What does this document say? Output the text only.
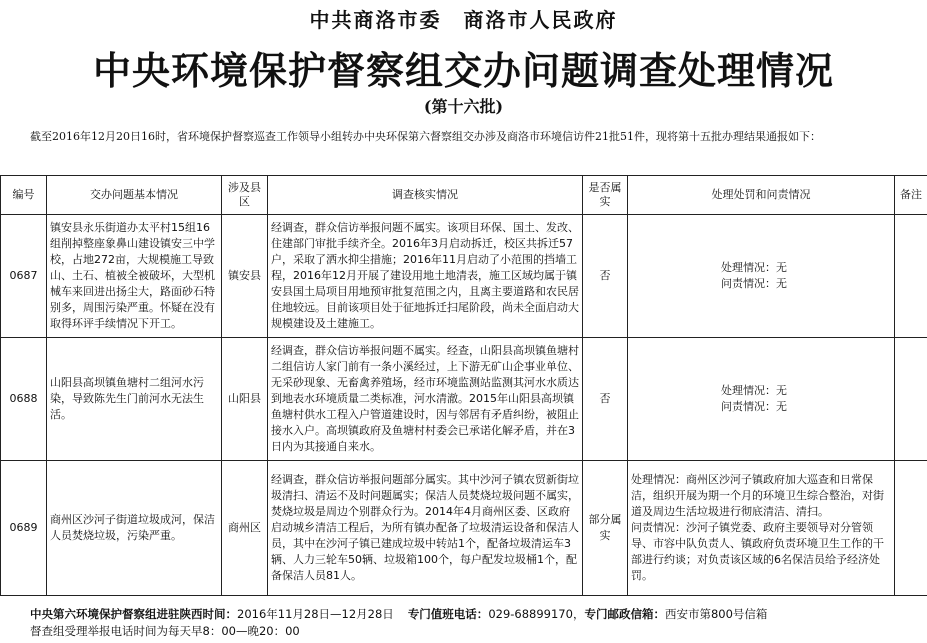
中共商洛市委　商洛市人民政府
中央环境保护督察组交办问题调查处理情况
(第十六批)
截至2016年12月20日16时，省环境保护督察巡查工作领导小组转办中央环保第六督察组交办涉及商洛市环境信访件21批51件，现将第十五批办理结果通报如下：
编号	交办问题基本情况	涉及县区	调查核实情况	是否属实	处理处罚和问责情况	备注
0687	镇安县永乐街道办太平村15组16组削掉整座象鼻山建设镇安三中学校，占地272亩，大规模施工导致山、土石、植被全被破坏，大型机械车来回进出扬尘大，路面砂石特别多，周围污染严重。怀疑在没有取得环评手续情况下开工。	镇安县	经调查，群众信访举报问题不属实。该项目环保、国土、发改、住建部门审批手续齐全。2016年3月启动拆迁，校区共拆迁57户，采取了洒水抑尘措施；2016年11月启动了小范围的挡墙工程，2016年12月开展了建设用地土地清表，施工区域均属于镇安县国土局项目用地预审批复范围之内，且离主要道路和农民居住地较远。目前该项目处于征地拆迁扫尾阶段，尚未全面启动大规模建设及土建施工。	否	处理情况：无
问责情况：无	

0688	山阳县高坝镇鱼塘村二组河水污染，导致陈先生门前河水无法生活。	山阳县	经调查，群众信访举报问题不属实。经查，山阳县高坝镇鱼塘村二组信访人家门前有一条小溪经过，上下游无矿山企事业单位、无采砂现象、无畜禽养殖场，经市环境监测站监测其河水水质达到地表水环境质量二类标准，河水清澈。2015年山阳县高坝镇鱼塘村供水工程入户管道建设时，因与邻居有矛盾纠纷，被阻止接水入户。高坝镇政府及鱼塘村村委会已承诺化解矛盾，并在3日内为其接通自来水。	否	处理情况：无
问责情况：无	

0689	商州区沙河子街道垃圾成河，保洁人员焚烧垃圾，污染严重。	商州区	经调查，群众信访举报问题部分属实。其中沙河子镇农贸新街垃圾清扫、清运不及时问题属实；保洁人员焚烧垃圾问题不属实，焚烧垃圾是周边个别群众行为。2014年4月商州区委、区政府启动城乡清洁工程后，为所有镇办配备了垃圾清运设备和保洁人员，其中在沙河子镇已建成垃圾中转站1个，配备垃圾清运车3辆、人力三轮车50辆、垃圾箱100个，每户配发垃圾桶1个，配备保洁人员81人。	部分属实	处理情况：商州区沙河子镇政府加大巡查和日常保洁，组织开展为期一个月的环境卫生综合整治，对街道及周边生活垃圾进行彻底清洁、清扫。
问责情况：沙河子镇党委、政府主要领导对分管领导、市容中队负责人、镇政府负责环境卫生工作的干部进行约谈；对负责该区域的6名保洁员给予经济处罚。	

中央第六环境保护督察组进驻陕西时间：2016年11月28日—12月28日 专门值班电话：029-68899170，专门邮政信箱：西安市第800号信箱
督查组受理举报电话时间为每天早8：00—晚20：00
